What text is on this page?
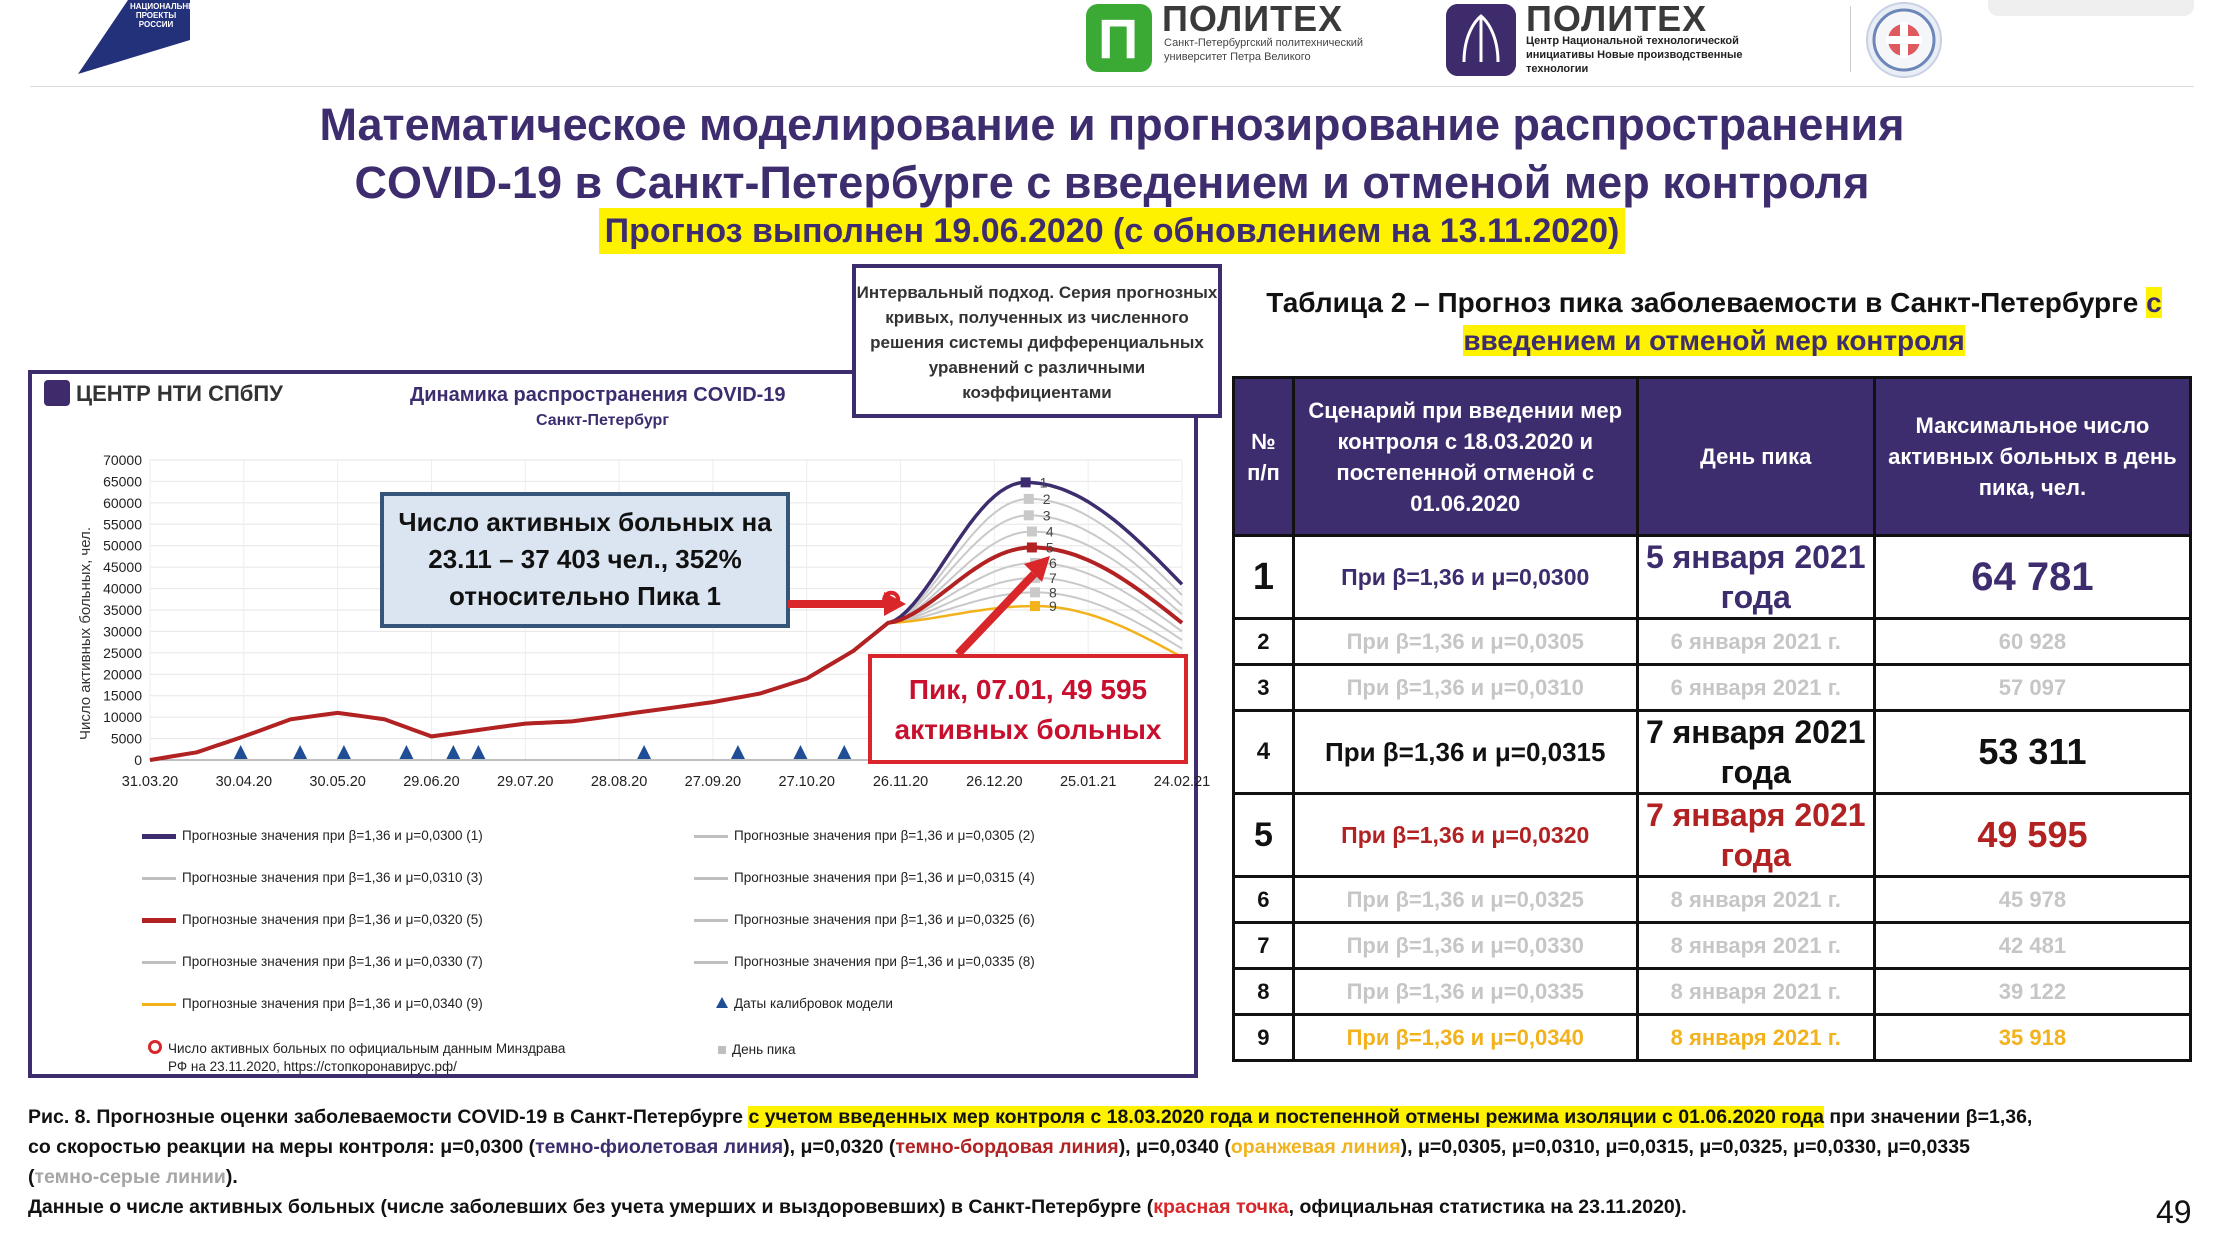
НАЦИОНАЛЬНЫЕ ПРОЕКТЫ РОССИИ	П ПОЛИТЕХ
Санкт-Петербургский политехнический университет Петра Великого
ПОЛИТЕХ
Центр Национальной технологической инициативы Новые производственные технологии
Математическое моделирование и прогнозирование распространения
COVID-19 в Санкт-Петербурге с введением и отменой мер контроля
Прогноз выполнен 19.06.2020 (с обновлением на 13.11.2020)
ЦЕНТР НТИ СПбПУ	Динамика распространения COVID-19
Санкт-Петербург
0
5000
10000
15000
20000
25000
30000
35000
40000
45000
50000
55000
60000
65000
70000
31.03.20	30.04.20	30.05.20	29.06.20	29.07.20	28.08.20	27.09.20	27.10.20	26.11.20	26.12.20	25.01.21	24.02.21
1
2
3
4
5
6
7
8
9
Число активных больных, чел.
Интервальный подход. Серия прогнозных кривых, полученных из численного решения системы дифференциальных уравнений с различными коэффициентами
Число активных больных на 23.11 – 37 403 чел., 352% относительно Пика 1
Пик, 07.01, 49 595 активных больных
Прогнозные значения при β=1,36 и μ=0,0300 (1)	Прогнозные значения при β=1,36 и μ=0,0305 (2)
Прогнозные значения при β=1,36 и μ=0,0310 (3)	Прогнозные значения при β=1,36 и μ=0,0315 (4)
Прогнозные значения при β=1,36 и μ=0,0320 (5)	Прогнозные значения при β=1,36 и μ=0,0325 (6)
Прогнозные значения при β=1,36 и μ=0,0330 (7)	Прогнозные значения при β=1,36 и μ=0,0335 (8)
Прогнозные значения при β=1,36 и μ=0,0340 (9)	Даты калибровок модели
Число активных больных по официальным данным Минздрава РФ на 23.11.2020, https://стопкоронавирус.рф/
День пика
Таблица 2 – Прогноз пика заболеваемости в Санкт-Петербурге с введением и отменой мер контроля
№ п/п	Сценарий при введении мер контроля с 18.03.2020 и постепенной отменой с 01.06.2020	День пика	Максимальное число активных больных в день пика, чел.
1	При β=1,36 и μ=0,0300	5 января 2021 года	64 781
2	При β=1,36 и μ=0,0305	6 января 2021 г.	60 928
3	При β=1,36 и μ=0,0310	6 января 2021 г.	57 097
4	При β=1,36 и μ=0,0315	7 января 2021 года	53 311
5	При β=1,36 и μ=0,0320	7 января 2021 года	49 595
6	При β=1,36 и μ=0,0325	8 января 2021 г.	45 978
7	При β=1,36 и μ=0,0330	8 января 2021 г.	42 481
8	При β=1,36 и μ=0,0335	8 января 2021 г.	39 122
9	При β=1,36 и μ=0,0340	8 января 2021 г.	35 918
Рис. 8. Прогнозные оценки заболеваемости COVID-19 в Санкт-Петербурге с учетом введенных мер контроля с 18.03.2020 года и постепенной отмены режима изоляции с 01.06.2020 года при значении β=1,36,
со скоростью реакции на меры контроля: μ=0,0300 (темно-фиолетовая линия), μ=0,0320 (темно-бордовая линия), μ=0,0340 (оранжевая линия), μ=0,0305, μ=0,0310, μ=0,0315, μ=0,0325, μ=0,0330, μ=0,0335
(темно-серые линии).
Данные о числе активных больных (числе заболевших без учета умерших и выздоровевших) в Санкт-Петербурге (красная точка, официальная статистика на 23.11.2020).	49
